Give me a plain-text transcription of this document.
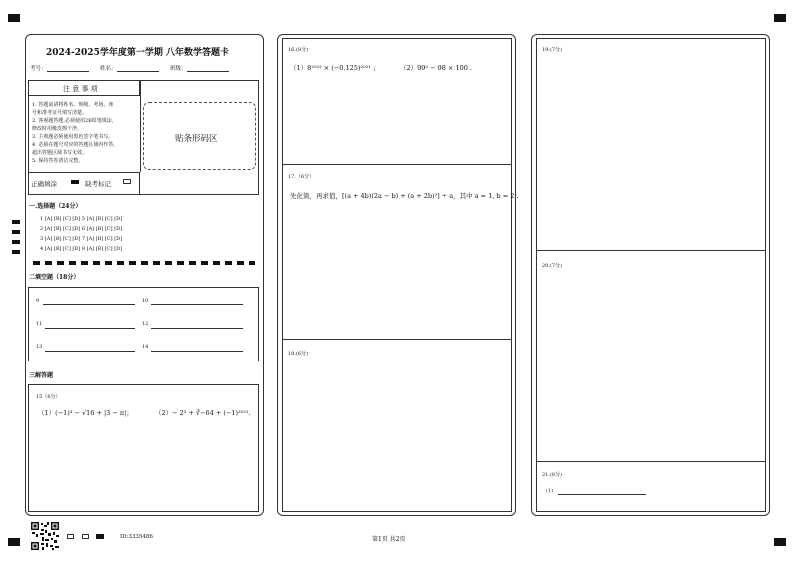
2024-2025学年度第一学期 八年数学答题卡
考号：	姓名：	班级：
注 意 事 项
1. 答题前请将姓名、班级、考场、座
号和准考证号填写清楚。
2. 客观题答题,必须使用2B铅笔填涂,
修改时用橡皮擦干净。
3. 主观题必须使用黑色签字笔书写。
4. 必须在题号对应的答题区域内作答,
超出答题区域书写无效。
5. 保持答卷清洁完整。
贴条形码区
正确填涂	缺考标记
一.选择题（24分）
1 [A] [B] [C] [D] 5 [A] [B] [C] [D]
2 [A] [B] [C] [D] 6 [A] [B] [C] [D]
3 [A] [B] [C] [D] 7 [A] [B] [C] [D]
4 [A] [B] [C] [D] 8 [A] [B] [C] [D]
二填空题（18分）
9	10
11	12
13	14
三解答题
15（6分）
（1）(−1)³ − √16 + |3 − π|；	（2）− 2³ + ∛−64 + (−1)²⁰²¹.
16.(8分)
（1）8²⁰²² × (−0.125)²⁰²¹ ；	（2）99² − 98 × 100 .
17.（6分）
先化简，再求值，[(a + 4b)(2a − b) + (a + 2b)²] ÷ a，其中 a = 1, b = 2 .
18.(6分)
19.(7分)
20.(7分)
21.(8分)
(1)
ID:3335486	第1页 共2页
